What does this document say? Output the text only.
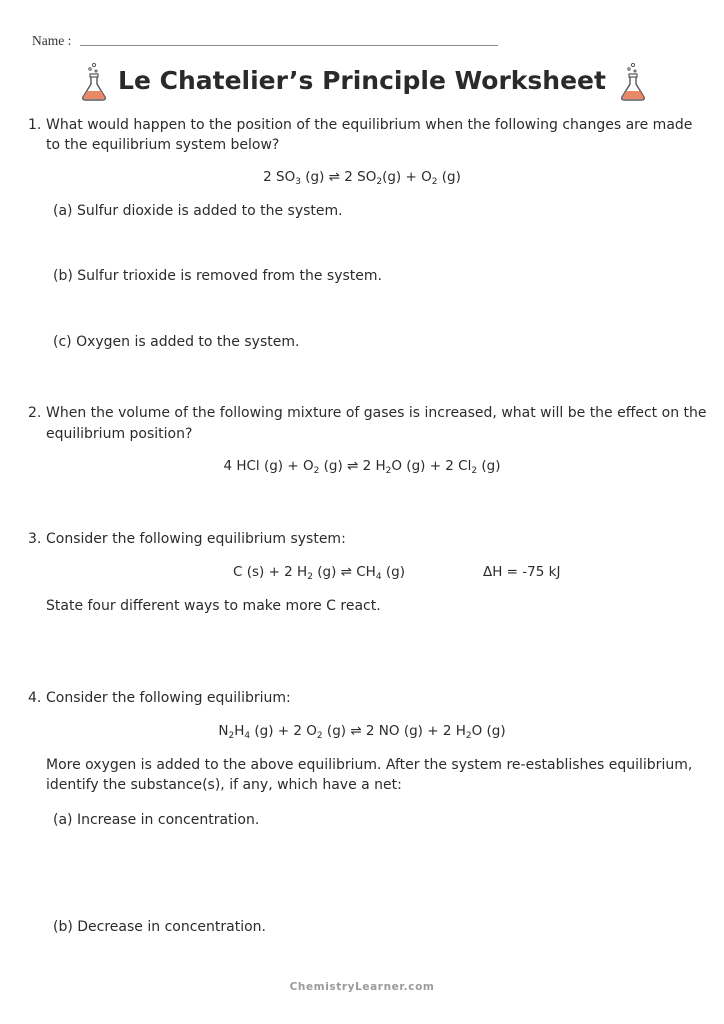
Name :
Le Chatelier’s Principle Worksheet
1. What would happen to the position of the equilibrium when the following changes are made
to the equilibrium system below?
2 $SO_3$ (g) ⇌ 2 $SO_2(g) + O_2$ (g)
(a) Sulfur dioxide is added to the system.
(b) Sulfur trioxide is removed from the system.
(c) Oxygen is added to the system.
2. When the volume of the following mixture of gases is increased, what will be the effect on the
equilibrium position?
4 HCl $(g) + O_2$ (g) ⇌ 2 $H_2O$ (g) + 2 $Cl_2$ (g)
3. Consider the following equilibrium system:
C (s) + 2 $H_2$ (g) ⇌ $CH_4$ (g)	ΔH = -75 kJ
State four different ways to make more C react.
4. Consider the following equilibrium:
$N_2H_4$ (g) + 2 $O_2$ (g) ⇌ 2 NO (g) + 2 $H_2O$ (g)
More oxygen is added to the above equilibrium. After the system re-establishes equilibrium,
identify the substance(s), if any, which have a net:
(a) Increase in concentration.
(b) Decrease in concentration.
ChemistryLearner.com
